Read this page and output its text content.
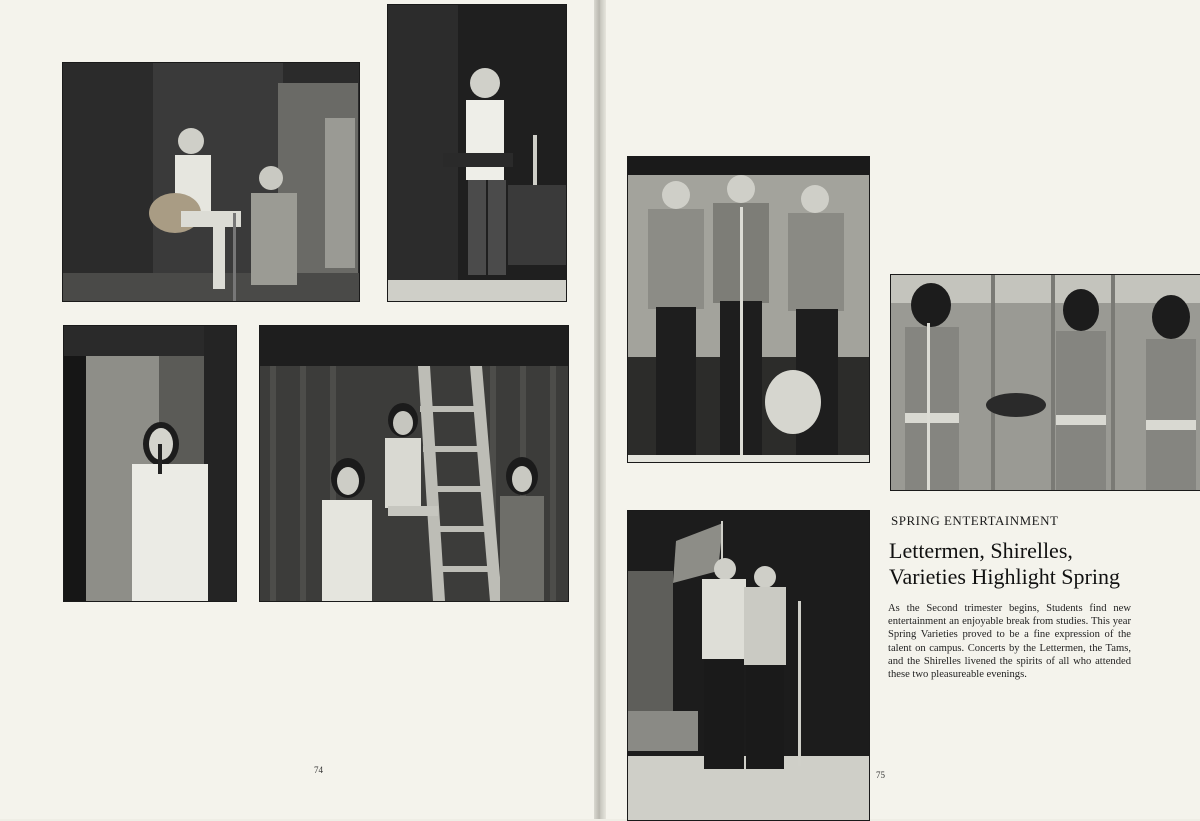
74	75
SPRING ENTERTAINMENT
Lettermen, Shirelles,
Varieties Highlight Spring
As the Second trimester begins, Students find new entertainment an enjoyable break from studies. This year Spring Varieties proved to be a fine expression of the talent on campus. Concerts by the Lettermen, the Tams, and the Shirelles livened the spirits of all who attended these two pleasureable evenings.
